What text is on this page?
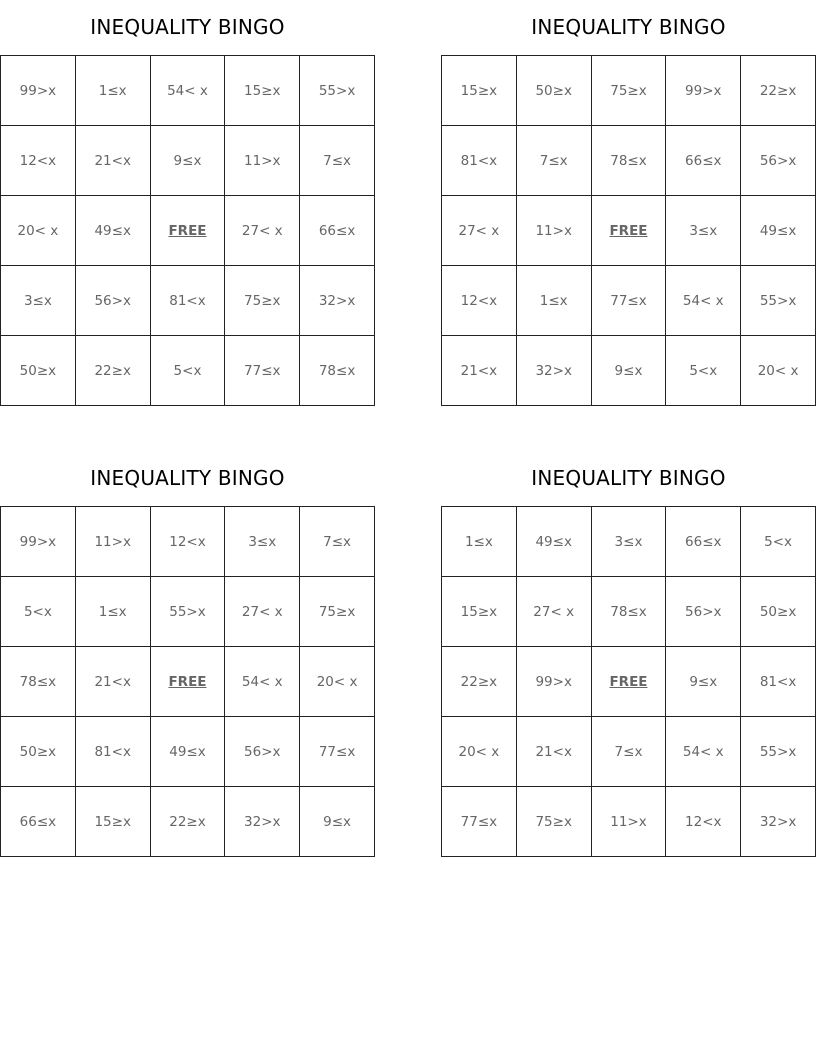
INEQUALITY BINGO
99>x	1≤x	54< x	15≥x	55>x
12<x	21<x	9≤x	11>x	7≤x
20< x	49≤x	FREE	27< x	66≤x
3≤x	56>x	81<x	75≥x	32>x
50≥x	22≥x	5<x	77≤x	78≤x
INEQUALITY BINGO
15≥x	50≥x	75≥x	99>x	22≥x
81<x	7≤x	78≤x	66≤x	56>x
27< x	11>x	FREE	3≤x	49≤x
12<x	1≤x	77≤x	54< x	55>x
21<x	32>x	9≤x	5<x	20< x
INEQUALITY BINGO
99>x	11>x	12<x	3≤x	7≤x
5<x	1≤x	55>x	27< x	75≥x
78≤x	21<x	FREE	54< x	20< x
50≥x	81<x	49≤x	56>x	77≤x
66≤x	15≥x	22≥x	32>x	9≤x
INEQUALITY BINGO
1≤x	49≤x	3≤x	66≤x	5<x
15≥x	27< x	78≤x	56>x	50≥x
22≥x	99>x	FREE	9≤x	81<x
20< x	21<x	7≤x	54< x	55>x
77≤x	75≥x	11>x	12<x	32>x
